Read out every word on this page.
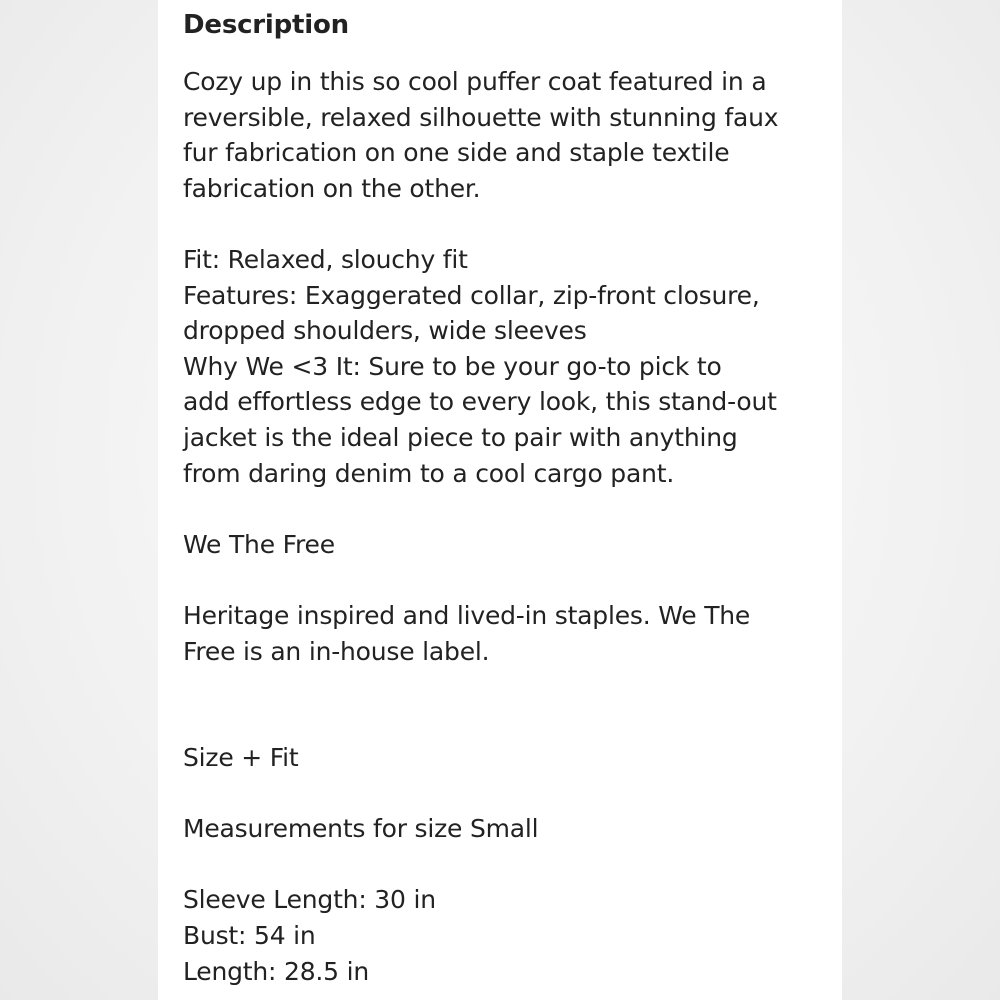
Description
Cozy up in this so cool puffer coat featured in a
reversible, relaxed silhouette with stunning faux
fur fabrication on one side and staple textile
fabrication on the other.
Fit: Relaxed, slouchy fit
Features: Exaggerated collar, zip-front closure,
dropped shoulders, wide sleeves
Why We <3 It: Sure to be your go-to pick to
add effortless edge to every look, this stand-out
jacket is the ideal piece to pair with anything
from daring denim to a cool cargo pant.
We The Free
Heritage inspired and lived-in staples. We The
Free is an in-house label.
Size + Fit
Measurements for size Small
Sleeve Length: 30 in
Bust: 54 in
Length: 28.5 in
